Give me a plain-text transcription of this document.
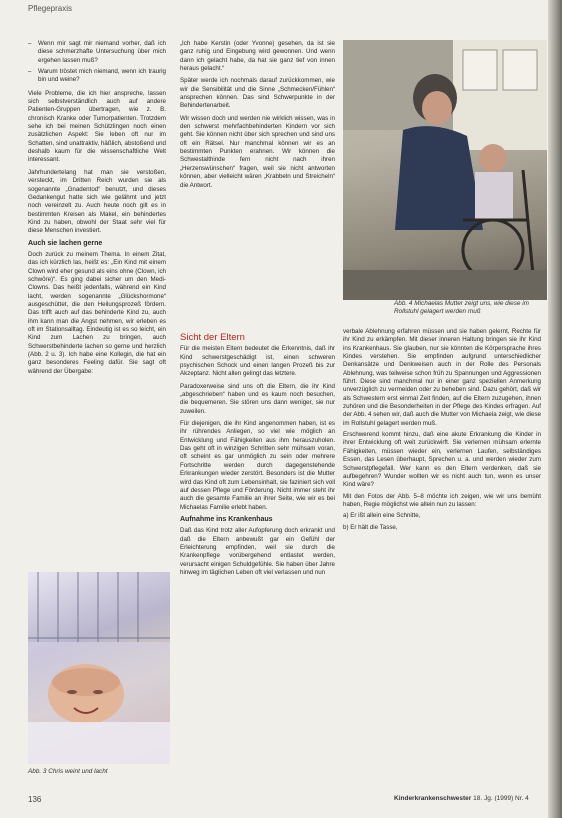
Pflegepraxis
– Wenn mir sagt mir niemand vorher, daß ich diese schmerzhafte Untersuchung über mich ergehen lassen muß?
– Warum tröstet mich niemand, wenn ich traurig bin und weine?

Viele Probleme, die ich hier anspreche, lassen sich selbstverständlich auch auf andere Patienten-Gruppen übertragen, wie z. B. chronisch Kranke oder Tumorpatienten. Trotzdem sehe ich bei meinen Schützlingen noch einen zusätzlichen Aspekt: Sie leben oft nur im Schatten, sind unattraktiv, häßlich, abstoßend und deshalb kaum für die wissenschaftliche Welt interessant.

Jahrhundertelang hat man sie verstoßen, versteckt, im Dritten Reich wurden sie als sogenannte „Gnadentod“ benutzt, und dieses Gedankengut hatte sich wie gelähmt und jetzt noch vereinzelt zu. Auch heute noch gilt es in bestimmten Kreisen als Makel, ein behindertes Kind zu haben, obwohl der Staat sehr viel für diese Menschen investiert.

Auch sie lachen gerne

Doch zurück zu meinem Thema. In einem Zitat, das ich kürzlich las, heißt es: „Ein Kind mit einem Clown wird eher gesund als eins ohne (Clown, ich schwöre)“. Es ging dabei sicher um den Medi-Clowns. Das heißt jedenfalls, während ein Kind lacht, werden sogenannte „Glückshormone“ ausgeschüttet, die den Heilungsprozeß fördern. Das trifft auch auf das behinderte Kind zu, auch ihm kann man die Angst nehmen, wir erleben es oft im Stationsalltag. Eindeutig ist es so leicht, ein Kind zum Lachen zu bringen, auch Schwerstbehinderte lachen so gerne und herzlich (Abb. 2 u. 3). Ich habe eine Kollegin, die hat ein ganz besonderes Feeling dafür. Sie sagt oft während der Übergabe:

Abb. 3 Chris weint und lacht

„Ich habe Kerstin (oder Yvonne) gesehen, da ist sie ganz ruhig und Eingebung wird gewonnen. Und wenn dann ich gelacht habe, da hat sie ganz tief von innen heraus gelacht.“

Später werde ich nochmals darauf zurückkommen, wie wir die Sensibilität und die Sinne „Schmecken/Fühlen“ ansprechen können. Das sind Schwerpunkte in der Behindertenarbeit.

Wir wissen doch und werden nie wirklich wissen, was in den schwerst mehrfachbehinderten Kindern vor sich geht. Sie können nicht über sich sprechen und sind uns oft ein Rätsel. Nur manchmal können wir es an bestimmten Punkten erahnen. Wir können die Schwestalthinde fern nicht nach ihren „Herzenswünschen“ fragen, weil sie nicht antworten können, aber vielleicht wären „Krabbeln und Streicheln“ die Antwort.

Sicht der Eltern

Für die meisten Eltern bedeutet die Erkenntnis, daß ihr Kind schwerstgeschädigt ist, einen schweren psychischen Schock und einen langen Prozeß bis zur Akzeptanz. Nicht allen gelingt das letztere.

Paradoxerweise sind uns oft die Eltern, die ihr Kind „abgeschrieben“ haben und es kaum noch besuchen, die bequemeren. Sie stören uns dann weniger, sie nur zuweilen.

Für diejenigen, die ihr Kind angenommen haben, ist es ihr rührendes Anliegen, so viel wie möglich an Entwicklung und Fähigkeiten aus ihm herauszuholen. Das geht oft in winzigen Schritten sehr mühsam voran, oft scheint es gar unmöglich zu sein oder mehrere Fortschritte werden durch dagegenstehende Erkrankungen wieder zerstört. Besonders ist die Mutter wird das Kind oft zum Lebensinhalt, sie faziniert sich voll auf dessen Pflege und Förderung. Nicht immer steht ihr auch die gesamte Familie an ihrer Seite, wie wir es bei Michaelas Familie erlebt haben.

Aufnahme ins Krankenhaus

Daß das Kind trotz aller Aufopferung doch erkrankt und daß die Eltern anbewußt gar ein Gefühl der Erleichterung empfinden, weil sie durch die Krankenpflege vorübergehend entlastet werden, verursacht einigen Schuldgefühle. Sie haben über Jahre hinweg im täglichen Leben oft viel verlassen und nun

Abb. 4 Michaelas Mutter zeigt uns, wie diese im Rollstuhl gelagert werden muß

verbale Ablehnung erfahren müssen und sie haben gelernt, Rechte für ihr Kind zu erkämpfen. Mit dieser inneren Haltung bringen sie ihr Kind ins Krankenhaus. Sie glauben, nur sie könnten die Körpersprache ihres Kindes verstehen. Sie empfinden aufgrund unterschiedlicher Denkansätze und Denkweisen auch in der Rolle des Personals Ablehnung, was teilweise schon früh zu Spannungen und Aggressionen führt. Diese sind manchmal nur in einer ganz speziellen Anmerkung unverzüglich zu vermeiden oder zu beheben sind. Dazu gehört, daß wir als Schwestern erst einmal Zeit finden, auf die Eltern zuzugehen, ihnen zuhören und die Besonderheiten in der Pflege des Kindes erfragen. Auf der Abb. 4 sehen wir, daß auch die Mutter von Michaela zeigt, wie diese im Rollstuhl gelagert werden muß.

Erschwerend kommt hinzu, daß eine akute Erkrankung die Kinder in ihrer Entwicklung oft weit zurückwirft. Sie verlernen mühsam erlernte Fähigkeiten, müssen wieder ein, verlernen Laufen, selbständiges Essen, das Lesen überhaupt, Sprechen u. a. und werden wieder zum Schwerstpflegefall. Wer kann es den Eltern verdenken, daß sie aufbegehren? Wunder wollten wir es nicht auch tun, wenn es unser Kind wäre?

Mit den Fotos der Abb. 5–8 möchte ich zeigen, wie wir uns bemüht haben, Regie möglichst wie allein nun zu lassen:

a) Er ißt allein eine Schnitte,

b) Er hält die Tasse,

136	Kinderkrankenschwester 18. Jg. (1999) Nr. 4
